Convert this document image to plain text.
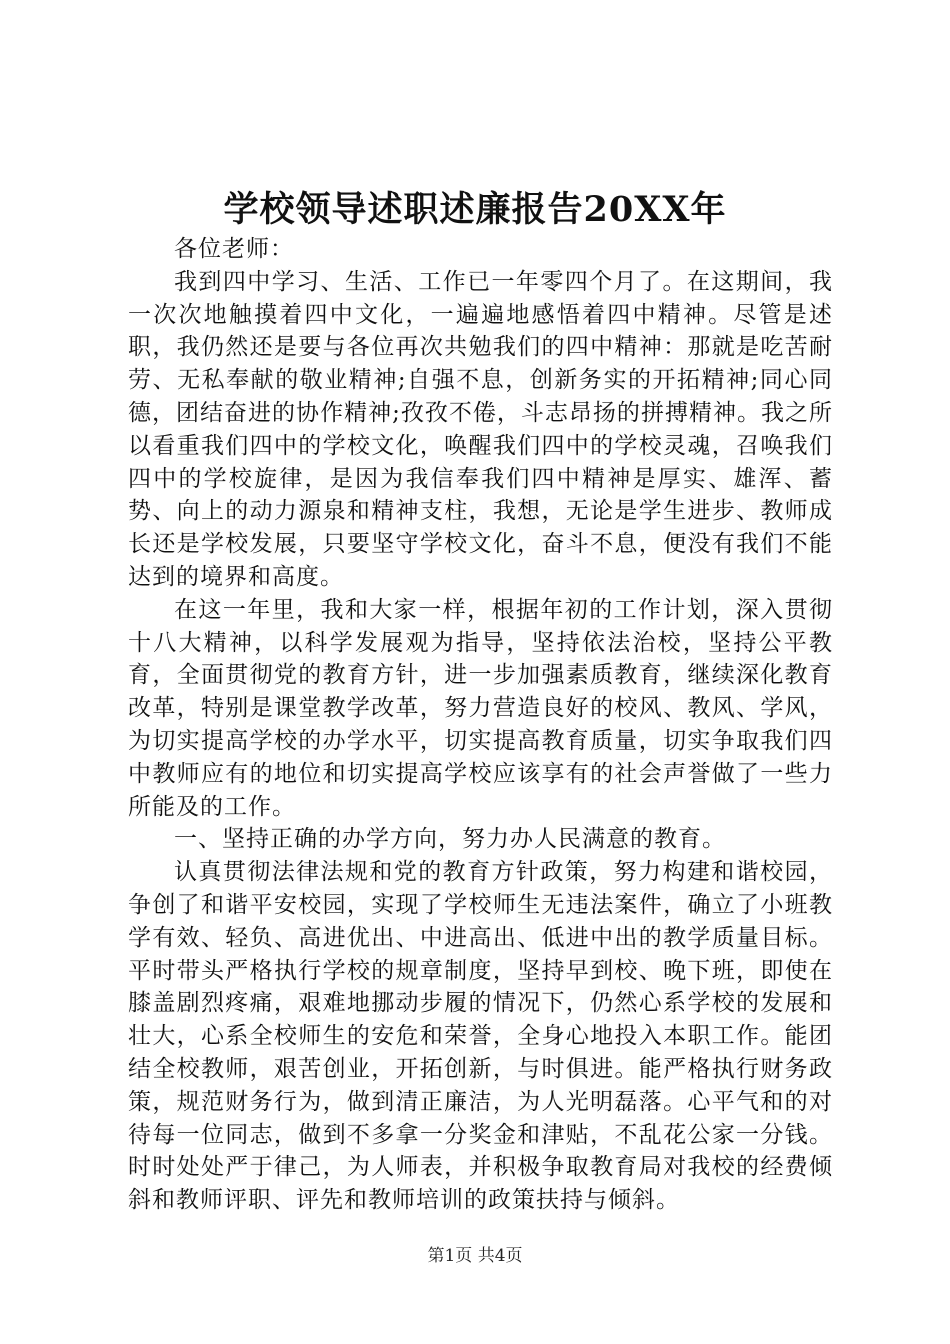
学校领导述职述廉报告20XX年

各位老师：

我到四中学习、生活、工作已一年零四个月了。在这期间，我一次次地触摸着四中文化，一遍遍地感悟着四中精神。尽管是述职，我仍然还是要与各位再次共勉我们的四中精神：那就是吃苦耐劳、无私奉献的敬业精神;自强不息，创新务实的开拓精神;同心同德，团结奋进的协作精神;孜孜不倦，斗志昂扬的拼搏精神。我之所以看重我们四中的学校文化，唤醒我们四中的学校灵魂，召唤我们四中的学校旋律，是因为我信奉我们四中精神是厚实、雄浑、蓄势、向上的动力源泉和精神支柱，我想，无论是学生进步、教师成长还是学校发展，只要坚守学校文化，奋斗不息，便没有我们不能达到的境界和高度。

在这一年里，我和大家一样，根据年初的工作计划，深入贯彻十八大精神，以科学发展观为指导，坚持依法治校，坚持公平教育，全面贯彻党的教育方针，进一步加强素质教育，继续深化教育改革，特别是课堂教学改革，努力营造良好的校风、教风、学风，为切实提高学校的办学水平，切实提高教育质量，切实争取我们四中教师应有的地位和切实提高学校应该享有的社会声誉做了一些力所能及的工作。

一、坚持正确的办学方向，努力办人民满意的教育。

认真贯彻法律法规和党的教育方针政策，努力构建和谐校园，争创了和谐平安校园，实现了学校师生无违法案件，确立了小班教学有效、轻负、高进优出、中进高出、低进中出的教学质量目标。平时带头严格执行学校的规章制度，坚持早到校、晚下班，即使在膝盖剧烈疼痛，艰难地挪动步履的情况下，仍然心系学校的发展和壮大，心系全校师生的安危和荣誉，全身心地投入本职工作。能团结全校教师，艰苦创业，开拓创新，与时俱进。能严格执行财务政策，规范财务行为，做到清正廉洁，为人光明磊落。心平气和的对待每一位同志，做到不多拿一分奖金和津贴，不乱花公家一分钱。时时处处严于律己，为人师表，并积极争取教育局对我校的经费倾斜和教师评职、评先和教师培训的政策扶持与倾斜。

第1页 共4页
